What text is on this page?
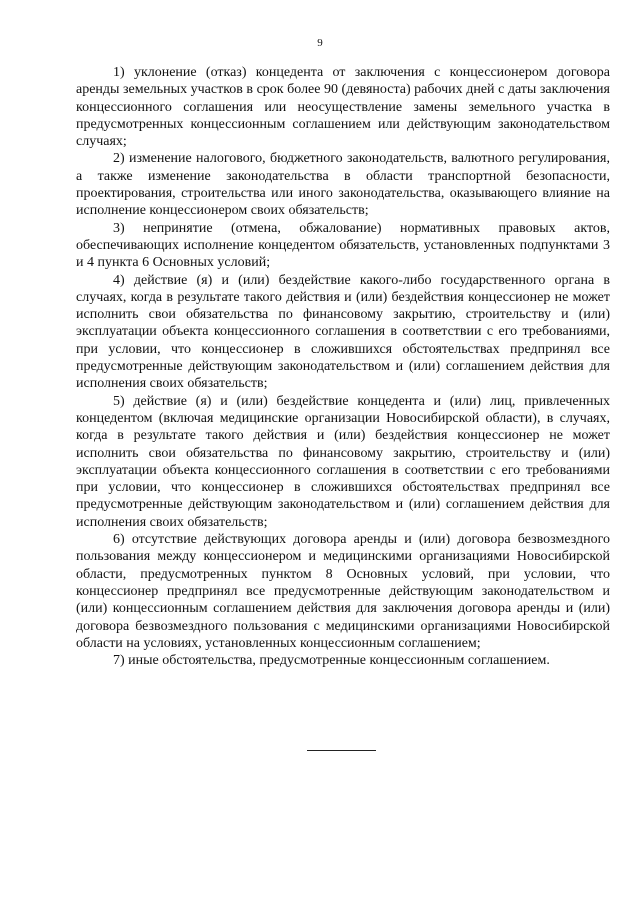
9

1) уклонение (отказ) концедента от заключения с концессионером договора аренды земельных участков в срок более 90 (девяноста) рабочих дней с даты заключения концессионного соглашения или неосуществление замены земельного участка в предусмотренных концессионным соглашением или действующим законодательством случаях;

2) изменение налогового, бюджетного законодательств, валютного регулирования, а также изменение законодательства в области транспортной безопасности, проектирования, строительства или иного законодательства, оказывающего влияние на исполнение концессионером своих обязательств;

3) непринятие (отмена, обжалование) нормативных правовых актов, обеспечивающих исполнение концедентом обязательств, установленных подпунктами 3 и 4 пункта 6 Основных условий;

4) действие (я) и (или) бездействие какого-либо государственного органа в случаях, когда в результате такого действия и (или) бездействия концессионер не может исполнить свои обязательства по финансовому закрытию, строительству и (или) эксплуатации объекта концессионного соглашения в соответствии с его требованиями, при условии, что концессионер в сложившихся обстоятельствах предпринял все предусмотренные действующим законодательством и (или) соглашением действия для исполнения своих обязательств;

5) действие (я) и (или) бездействие концедента и (или) лиц, привлеченных концедентом (включая медицинские организации Новосибирской области), в случаях, когда в результате такого действия и (или) бездействия концессионер не может исполнить свои обязательства по финансовому закрытию, строительству и (или) эксплуатации объекта концессионного соглашения в соответствии с его требованиями при условии, что концессионер в сложившихся обстоятельствах предпринял все предусмотренные действующим законодательством и (или) соглашением действия для исполнения своих обязательств;

6) отсутствие действующих договора аренды и (или) договора безвозмездного пользования между концессионером и медицинскими организациями Новосибирской области, предусмотренных пунктом 8 Основных условий, при условии, что концессионер предпринял все предусмотренные действующим законодательством и (или) концессионным соглашением действия для заключения договора аренды и (или) договора безвозмездного пользования с медицинскими организациями Новосибирской области на условиях, установленных концессионным соглашением;

7) иные обстоятельства, предусмотренные концессионным соглашением.
